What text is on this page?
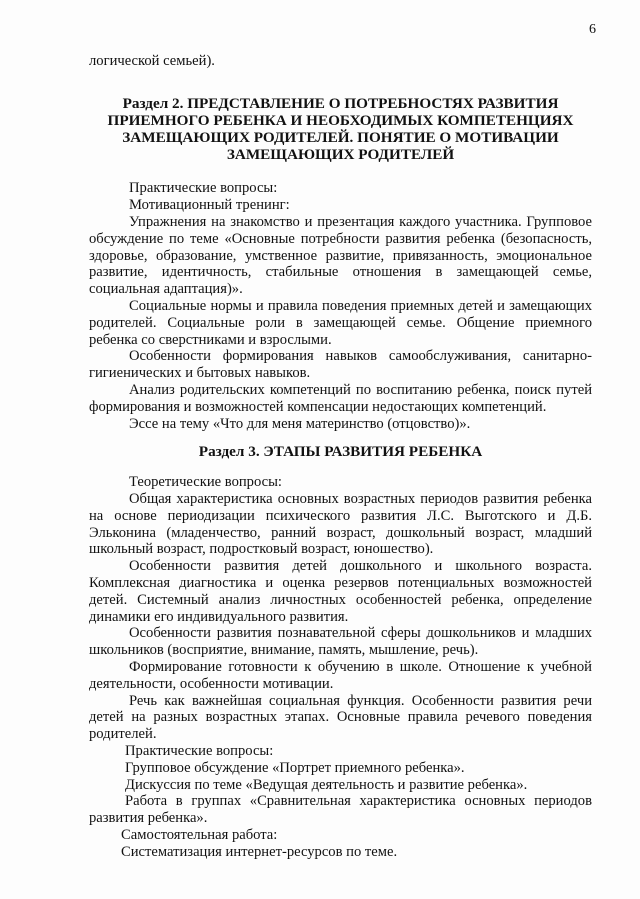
6

логической семьей).

Раздел 2. ПРЕДСТАВЛЕНИЕ О ПОТРЕБНОСТЯХ РАЗВИТИЯ ПРИЕМНОГО РЕБЕНКА И НЕОБХОДИМЫХ КОМПЕТЕНЦИЯХ ЗАМЕЩАЮЩИХ РОДИТЕЛЕЙ. ПОНЯТИЕ О МОТИВАЦИИ ЗАМЕЩАЮЩИХ РОДИТЕЛЕЙ

Практические вопросы:

Мотивационный тренинг:

Упражнения на знакомство и презентация каждого участника. Групповое обсуждение по теме «Основные потребности развития ребенка (безопасность, здоровье, образование, умственное развитие, привязанность, эмоциональное развитие, идентичность, стабильные отношения в замещающей семье, социальная адаптация)».

Социальные нормы и правила поведения приемных детей и замещающих родителей. Социальные роли в замещающей семье. Общение приемного ребенка со сверстниками и взрослыми.

Особенности формирования навыков самообслуживания, санитарно-гигиенических и бытовых навыков.

Анализ родительских компетенций по воспитанию ребенка, поиск путей формирования и возможностей компенсации недостающих компетенций.

Эссе на тему «Что для меня материнство (отцовство)».

Раздел 3. ЭТАПЫ РАЗВИТИЯ РЕБЕНКА

Теоретические вопросы:

Общая характеристика основных возрастных периодов развития ребенка на основе периодизации психического развития Л.С. Выготского и Д.Б. Эльконина (младенчество, ранний возраст, дошкольный возраст, младший школьный возраст, подростковый возраст, юношество).

Особенности развития детей дошкольного и школьного возраста. Комплексная диагностика и оценка резервов потенциальных возможностей детей. Системный анализ личностных особенностей ребенка, определение динамики его индивидуального развития.

Особенности развития познавательной сферы дошкольников и младших школьников (восприятие, внимание, память, мышление, речь).

Формирование готовности к обучению в школе. Отношение к учебной деятельности, особенности мотивации.

Речь как важнейшая социальная функция. Особенности развития речи детей на разных возрастных этапах. Основные правила речевого поведения родителей.

Практические вопросы:

Групповое обсуждение «Портрет приемного ребенка».

Дискуссия по теме «Ведущая деятельность и развитие ребенка».

Работа в группах «Сравнительная характеристика основных периодов развития ребенка».

Самостоятельная работа:

Систематизация интернет-ресурсов по теме.
